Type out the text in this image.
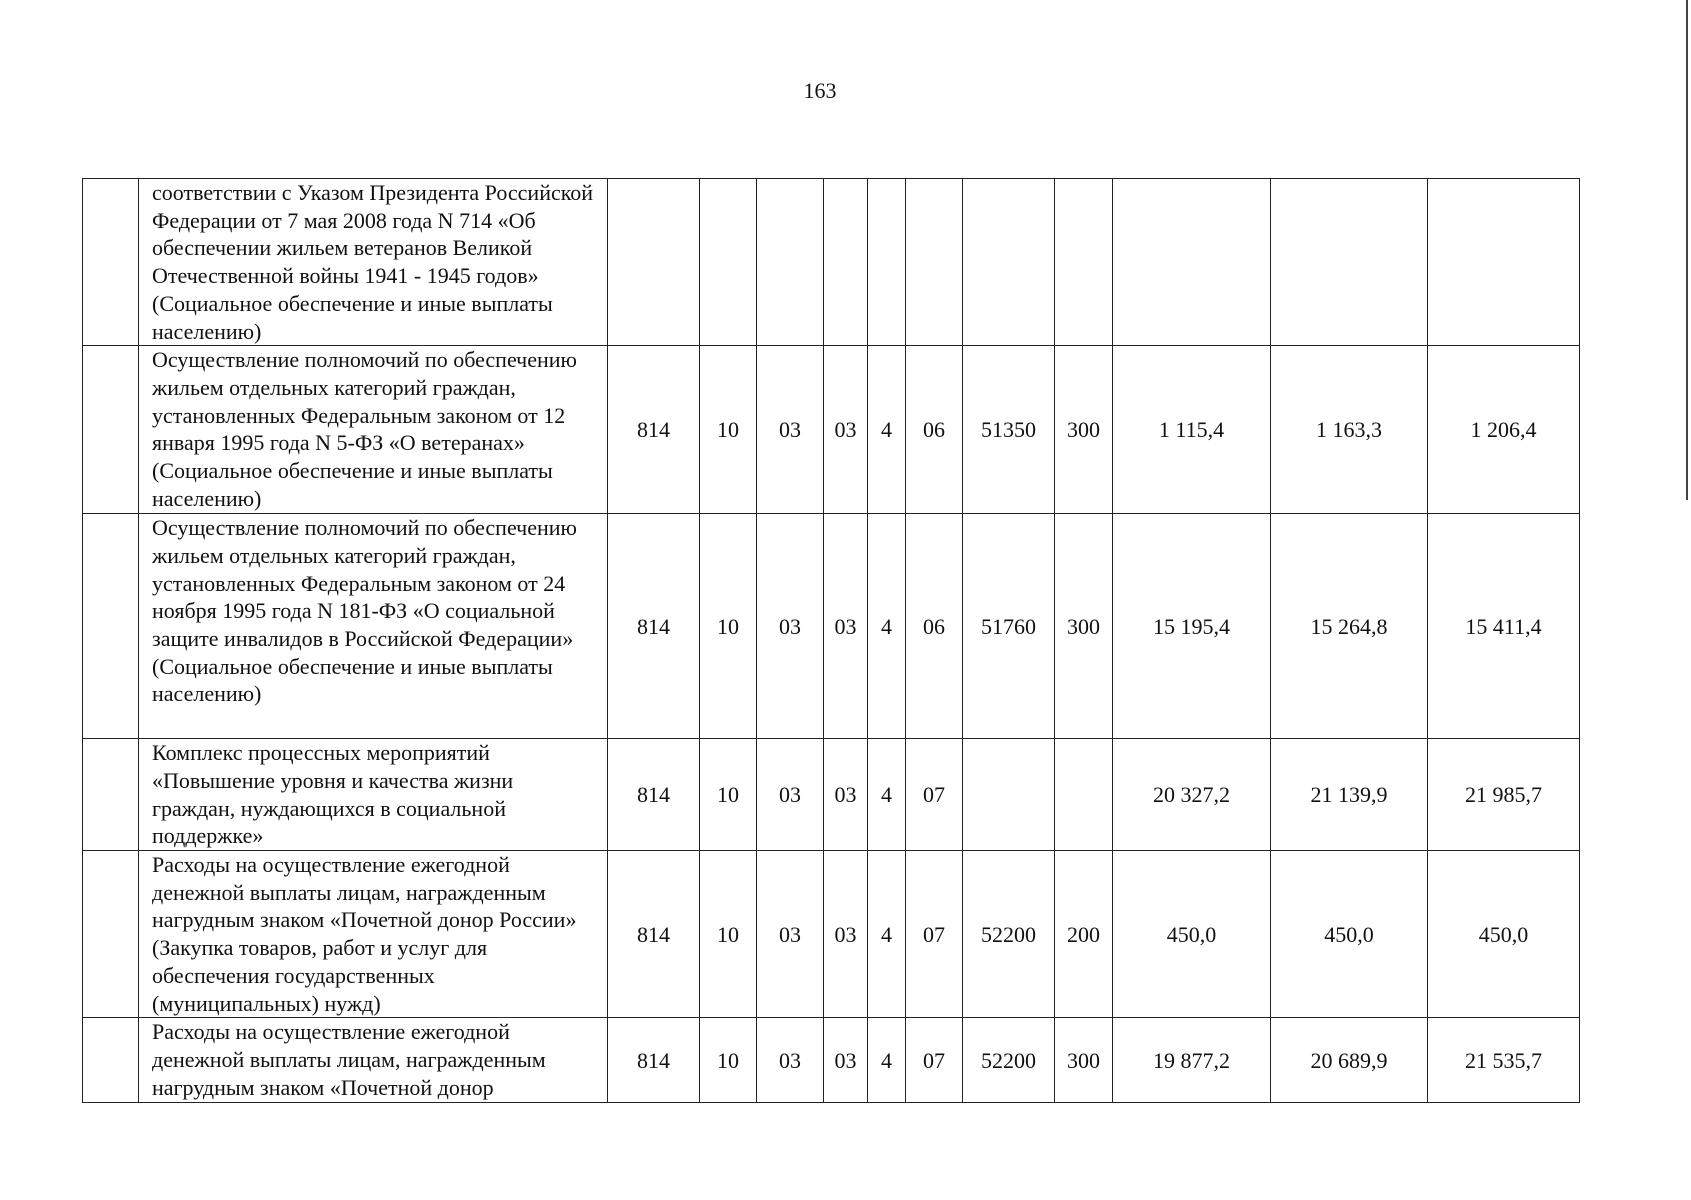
163
	соответствии с Указом Президента Российской Федерации от 7 мая 2008 года N 714 «Об обеспечении жильем ветеранов Великой Отечественной войны 1941 - 1945 годов» (Социальное обеспечение и иные выплаты населению)											
	Осуществление полномочий по обеспечению жильем отдельных категорий граждан, установленных Федеральным законом от 12 января 1995 года N 5-ФЗ «О ветеранах» (Социальное обеспечение и иные выплаты населению)	814	10	03	03	4	06	51350	300	1 115,4	1 163,3	1 206,4
	Осуществление полномочий по обеспечению жильем отдельных категорий граждан, установленных Федеральным законом от 24 ноября 1995 года N 181-ФЗ «О социальной защите инвалидов в Российской Федерации» (Социальное обеспечение и иные выплаты населению)	814	10	03	03	4	06	51760	300	15 195,4	15 264,8	15 411,4
	Комплекс процессных мероприятий «Повышение уровня и качества жизни граждан, нуждающихся в социальной поддержке»	814	10	03	03	4	07			20 327,2	21 139,9	21 985,7
	Расходы на осуществление ежегодной денежной выплаты лицам, награжденным нагрудным знаком «Почетной донор России» (Закупка товаров, работ и услуг для обеспечения государственных (муниципальных) нужд)	814	10	03	03	4	07	52200	200	450,0	450,0	450,0
	Расходы на осуществление ежегодной денежной выплаты лицам, награжденным нагрудным знаком «Почетной донор	814	10	03	03	4	07	52200	300	19 877,2	20 689,9	21 535,7
